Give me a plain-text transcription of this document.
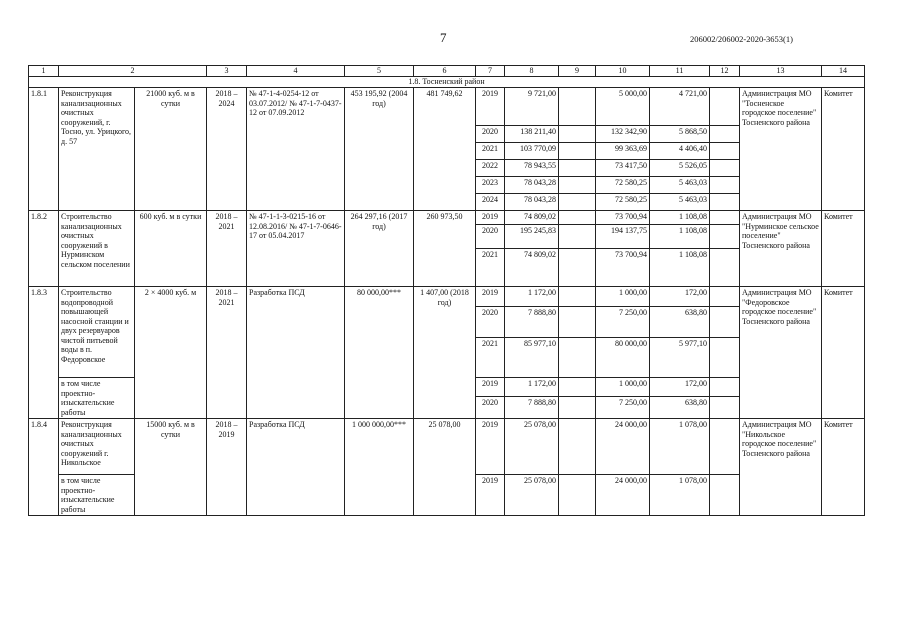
7	206002/206002-2020-3653(1)
1	2		3	4	5	6	7	8	9	10	11	12	13	14
1.8. Тосненский район														
1.8.1	Реконструкция канализационных очистных сооружений, г. Тосно, ул. Урицкого, д. 57	21000 куб. м в сутки	2018 – 2024	№ 47-1-4-0254-12 от 03.07.2012/ № 47-1-7-0437-12 от 07.09.2012	453 195,92 (2004 год)	481 749,62	2019	9 721,00		5 000,00	4 721,00		Администрация МО "Тосненское городское поселение" Тосненского района	Комитет
							2020	138 211,40		132 342,90	5 868,50			
							2021	103 770,09		99 363,69	4 406,40			
							2022	78 943,55		73 417,50	5 526,05			
							2023	78 043,28		72 580,25	5 463,03			
							2024	78 043,28		72 580,25	5 463,03			
1.8.2	Строительство канализационных очистных сооружений в Нурминском сельском поселении	600 куб. м в сутки	2018 – 2021	№ 47-1-1-3-0215-16 от 12.08.2016/ № 47-1-7-0646-17 от 05.04.2017	264 297,16 (2017 год)	260 973,50	2019	74 809,02		73 700,94	1 108,08		Администрация МО "Нурминское сельское поселение" Тосненского района	Комитет
							2020	195 245,83		194 137,75	1 108,08			
							2021	74 809,02		73 700,94	1 108,08			
1.8.3	Строительство водопроводной повышающей насосной станции и двух резервуаров чистой питьевой воды в п. Федоровское	2 × 4000 куб. м	2018 – 2021	Разработка ПСД	80 000,00***	1 407,00 (2018 год)	2019	1 172,00		1 000,00	172,00		Администрация МО "Федоровское городское поселение" Тосненского района	Комитет
							2020	7 888,80		7 250,00	638,80			
							2021	85 977,10		80 000,00	5 977,10			
	в том числе проектно-изыскательские работы						2019	1 172,00		1 000,00	172,00			
							2020	7 888,80		7 250,00	638,80			
1.8.4	Реконструкция канализационных очистных сооружений г. Никольское	15000 куб. м в сутки	2018 – 2019	Разработка ПСД	1 000 000,00***	25 078,00	2019	25 078,00		24 000,00	1 078,00		Администрация МО "Никольское городское поселение" Тосненского района	Комитет
	в том числе проектно-изыскательские работы						2019	25 078,00		24 000,00	1 078,00			
